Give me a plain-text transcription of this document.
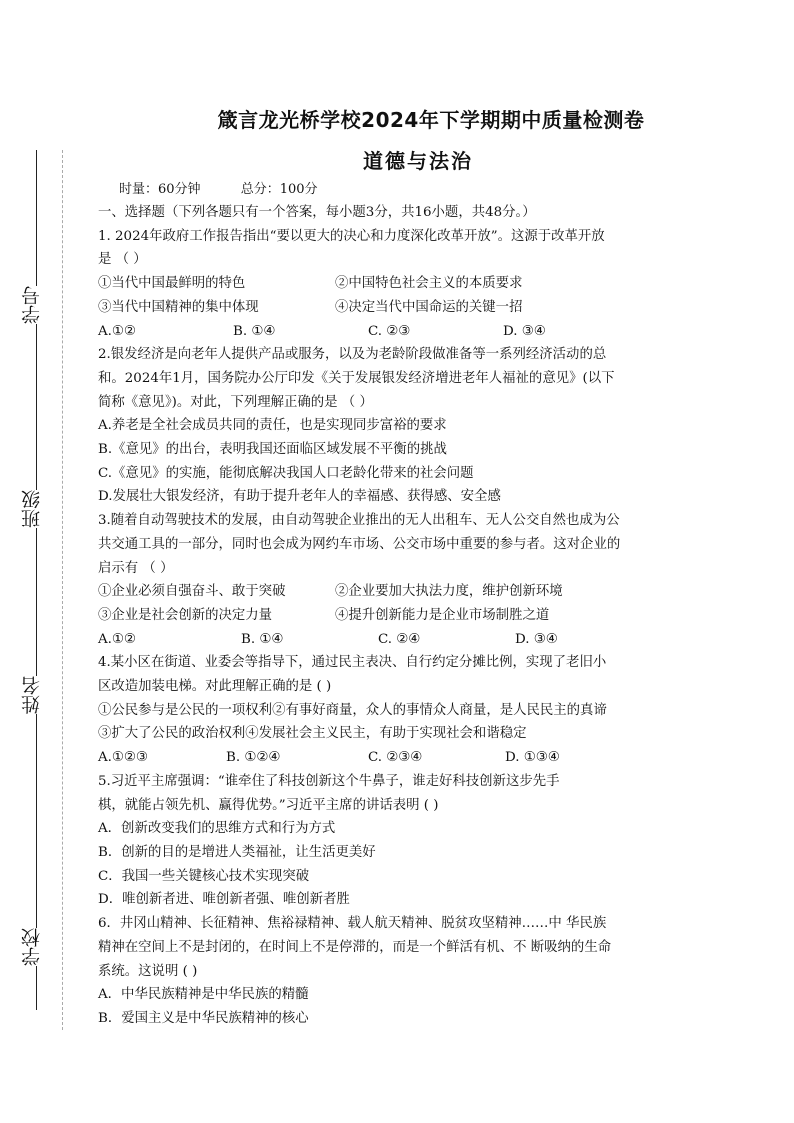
学号
班级
姓名
学校
箴言龙光桥学校2024年下学期期中质量检测卷
道德与法治
时量：60分钟	总分：100分

一、选择题（下列各题只有一个答案，每小题3分，共16小题，共48分。）

1. 2024年政府工作报告指出“要以更大的决心和力度深化改革开放”。这源于改革开放

是 （ ）

①当代中国最鲜明的特色	②中国特色社会主义的本质要求
③当代中国精神的集中体现	④决定当代中国命运的关键一招
A.①②	B. ①④	C. ②③	D. ③④

2.银发经济是向老年人提供产品或服务，以及为老龄阶段做准备等一系列经济活动的总

和。2024年1月，国务院办公厅印发《关于发展银发经济增进老年人福祉的意见》(以下

简称《意见》)。对此，下列理解正确的是 （ ）

A.养老是全社会成员共同的责任，也是实现同步富裕的要求

B.《意见》的出台，表明我国还面临区域发展不平衡的挑战

C.《意见》的实施，能彻底解决我国人口老龄化带来的社会问题

D.发展壮大银发经济，有助于提升老年人的幸福感、获得感、安全感

3.随着自动驾驶技术的发展，由自动驾驶企业推出的无人出租车、无人公交自然也成为公

共交通工具的一部分，同时也会成为网约车市场、公交市场中重要的参与者。这对企业的

启示有 （ ）

①企业必须自强奋斗、敢于突破	②企业要加大执法力度，维护创新环境
③企业是社会创新的决定力量	④提升创新能力是企业市场制胜之道
A.①②	B. ①④	C. ②④	D. ③④

4.某小区在街道、业委会等指导下，通过民主表决、自行约定分摊比例，实现了老旧小

区改造加装电梯。对此理解正确的是 ( )

①公民参与是公民的一项权利②有事好商量，众人的事情众人商量，是人民民主的真谛

③扩大了公民的政治权利④发展社会主义民主，有助于实现社会和谐稳定

A.①②③	B. ①②④	C. ②③④	D. ①③④

5.习近平主席强调：“谁牵住了科技创新这个牛鼻子，谁走好科技创新这步先手

棋，就能占领先机、赢得优势。”习近平主席的讲话表明 ( )

A．创新改变我们的思维方式和行为方式

B．创新的目的是增进人类福祉，让生活更美好

C．我国一些关键核心技术实现突破

D．唯创新者进、唯创新者强、唯创新者胜

6．井冈山精神、长征精神、焦裕禄精神、载人航天精神、脱贫攻坚精神……中 华民族

精神在空间上不是封闭的，在时间上不是停滞的，而是一个鲜活有机、不 断吸纳的生命

系统。这说明 ( )

A．中华民族精神是中华民族的精髓

B．爱国主义是中华民族精神的核心
